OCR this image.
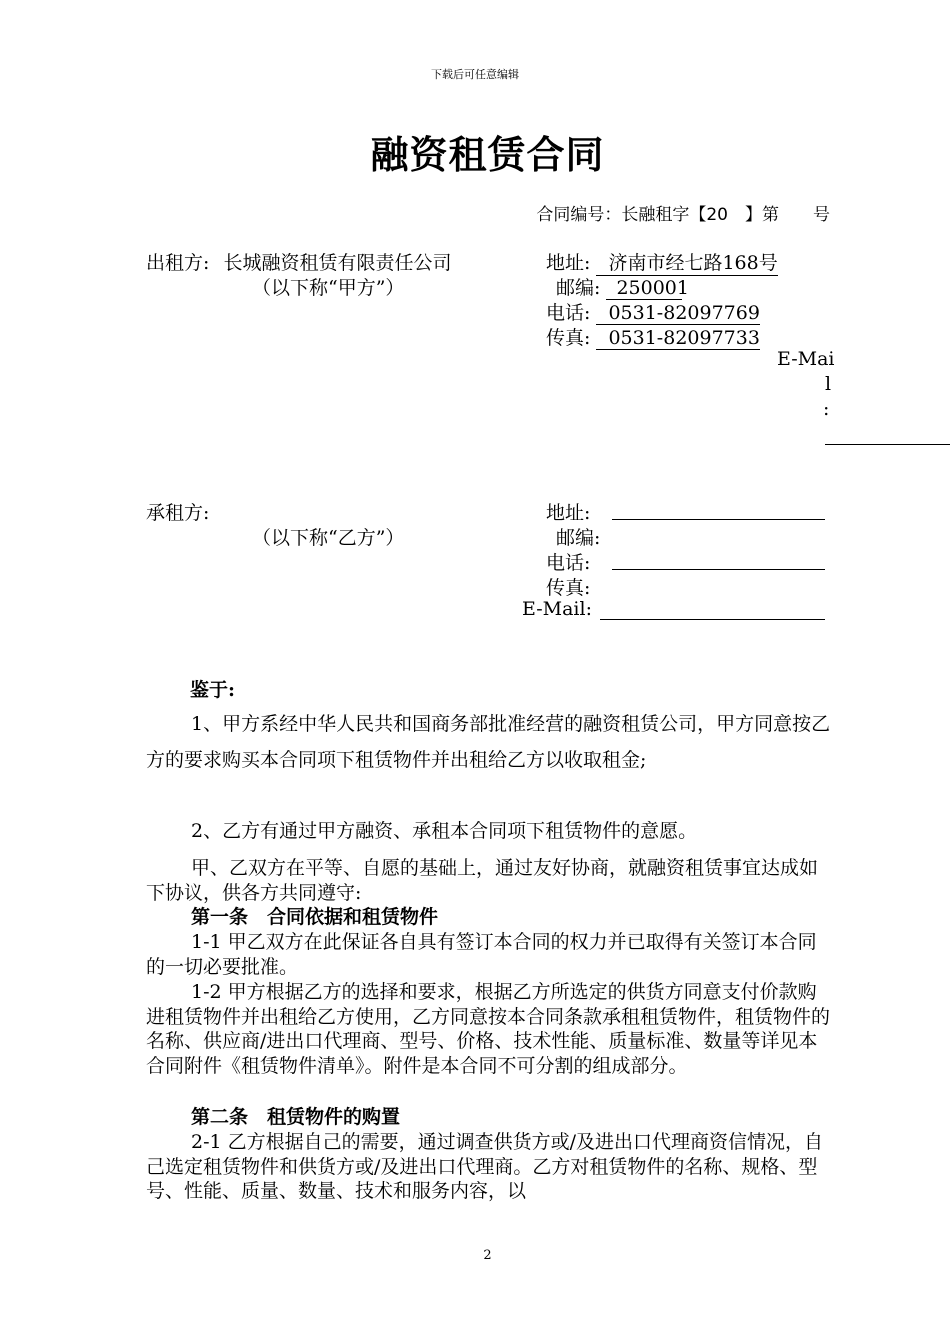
下载后可任意编辑
融资租赁合同
合同编号：长融租字【20　】第　　号
出租方: 长城融资租赁有限责任公司
（以下称“甲方”）
地址: 济南市经七路168号
邮编: 250001
电话: 0531-82097769
传真: 0531-82097733
E-Mai
l
:
承租方:
（以下称“乙方”）
地址:
邮编:
电话:
传真:
E-Mail:
鉴于:
1、甲方系经中华人民共和国商务部批准经营的融资租赁公司，甲方同意按乙方的要求购买本合同项下租赁物件并出租给乙方以收取租金;
2、乙方有通过甲方融资、承租本合同项下租赁物件的意愿。
甲、乙双方在平等、自愿的基础上，通过友好协商，就融资租赁事宜达成如下协议，供各方共同遵守:
第一条　合同依据和租赁物件
1-1 甲乙双方在此保证各自具有签订本合同的权力并已取得有关签订本合同的一切必要批准。
1-2 甲方根据乙方的选择和要求，根据乙方所选定的供货方同意支付价款购进租赁物件并出租给乙方使用，乙方同意按本合同条款承租租赁物件，租赁物件的名称、供应商/进出口代理商、型号、价格、技术性能、质量标准、数量等详见本合同附件《租赁物件清单》。附件是本合同不可分割的组成部分。
第二条　租赁物件的购置
2-1 乙方根据自己的需要，通过调查供货方或/及进出口代理商资信情况，自己选定租赁物件和供货方或/及进出口代理商。乙方对租赁物件的名称、规格、型号、性能、质量、数量、技术和服务内容，以
2
